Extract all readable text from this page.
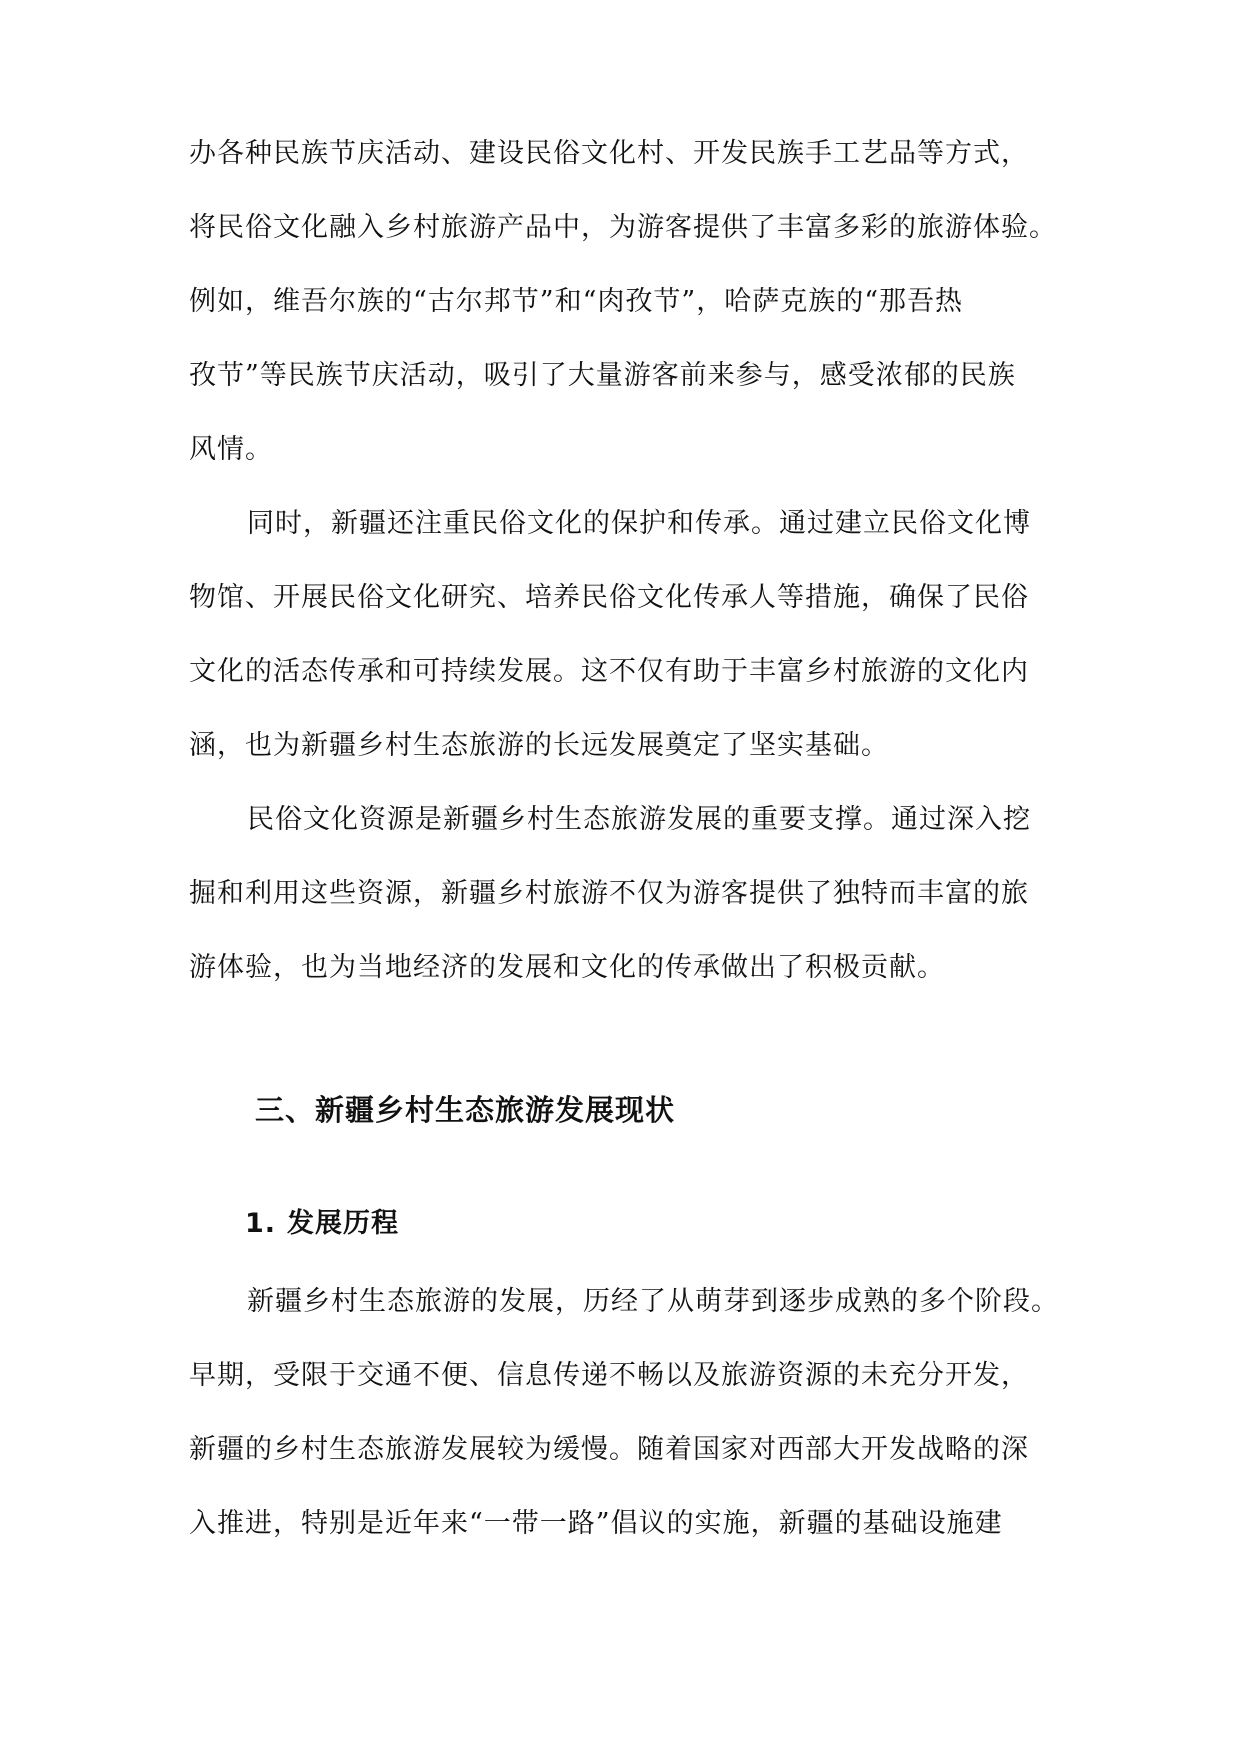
办各种民族节庆活动、建设民俗文化村、开发民族手工艺品等方式，
将民俗文化融入乡村旅游产品中，为游客提供了丰富多彩的旅游体验。
例如，维吾尔族的“古尔邦节”和“肉孜节”，哈萨克族的“那吾热
孜节”等民族节庆活动，吸引了大量游客前来参与，感受浓郁的民族
风情。
同时，新疆还注重民俗文化的保护和传承。通过建立民俗文化博
物馆、开展民俗文化研究、培养民俗文化传承人等措施，确保了民俗
文化的活态传承和可持续发展。这不仅有助于丰富乡村旅游的文化内
涵，也为新疆乡村生态旅游的长远发展奠定了坚实基础。
民俗文化资源是新疆乡村生态旅游发展的重要支撑。通过深入挖
掘和利用这些资源，新疆乡村旅游不仅为游客提供了独特而丰富的旅
游体验，也为当地经济的发展和文化的传承做出了积极贡献。
三、新疆乡村生态旅游发展现状
1. 发展历程
新疆乡村生态旅游的发展，历经了从萌芽到逐步成熟的多个阶段。
早期，受限于交通不便、信息传递不畅以及旅游资源的未充分开发，
新疆的乡村生态旅游发展较为缓慢。随着国家对西部大开发战略的深
入推进，特别是近年来“一带一路”倡议的实施，新疆的基础设施建
